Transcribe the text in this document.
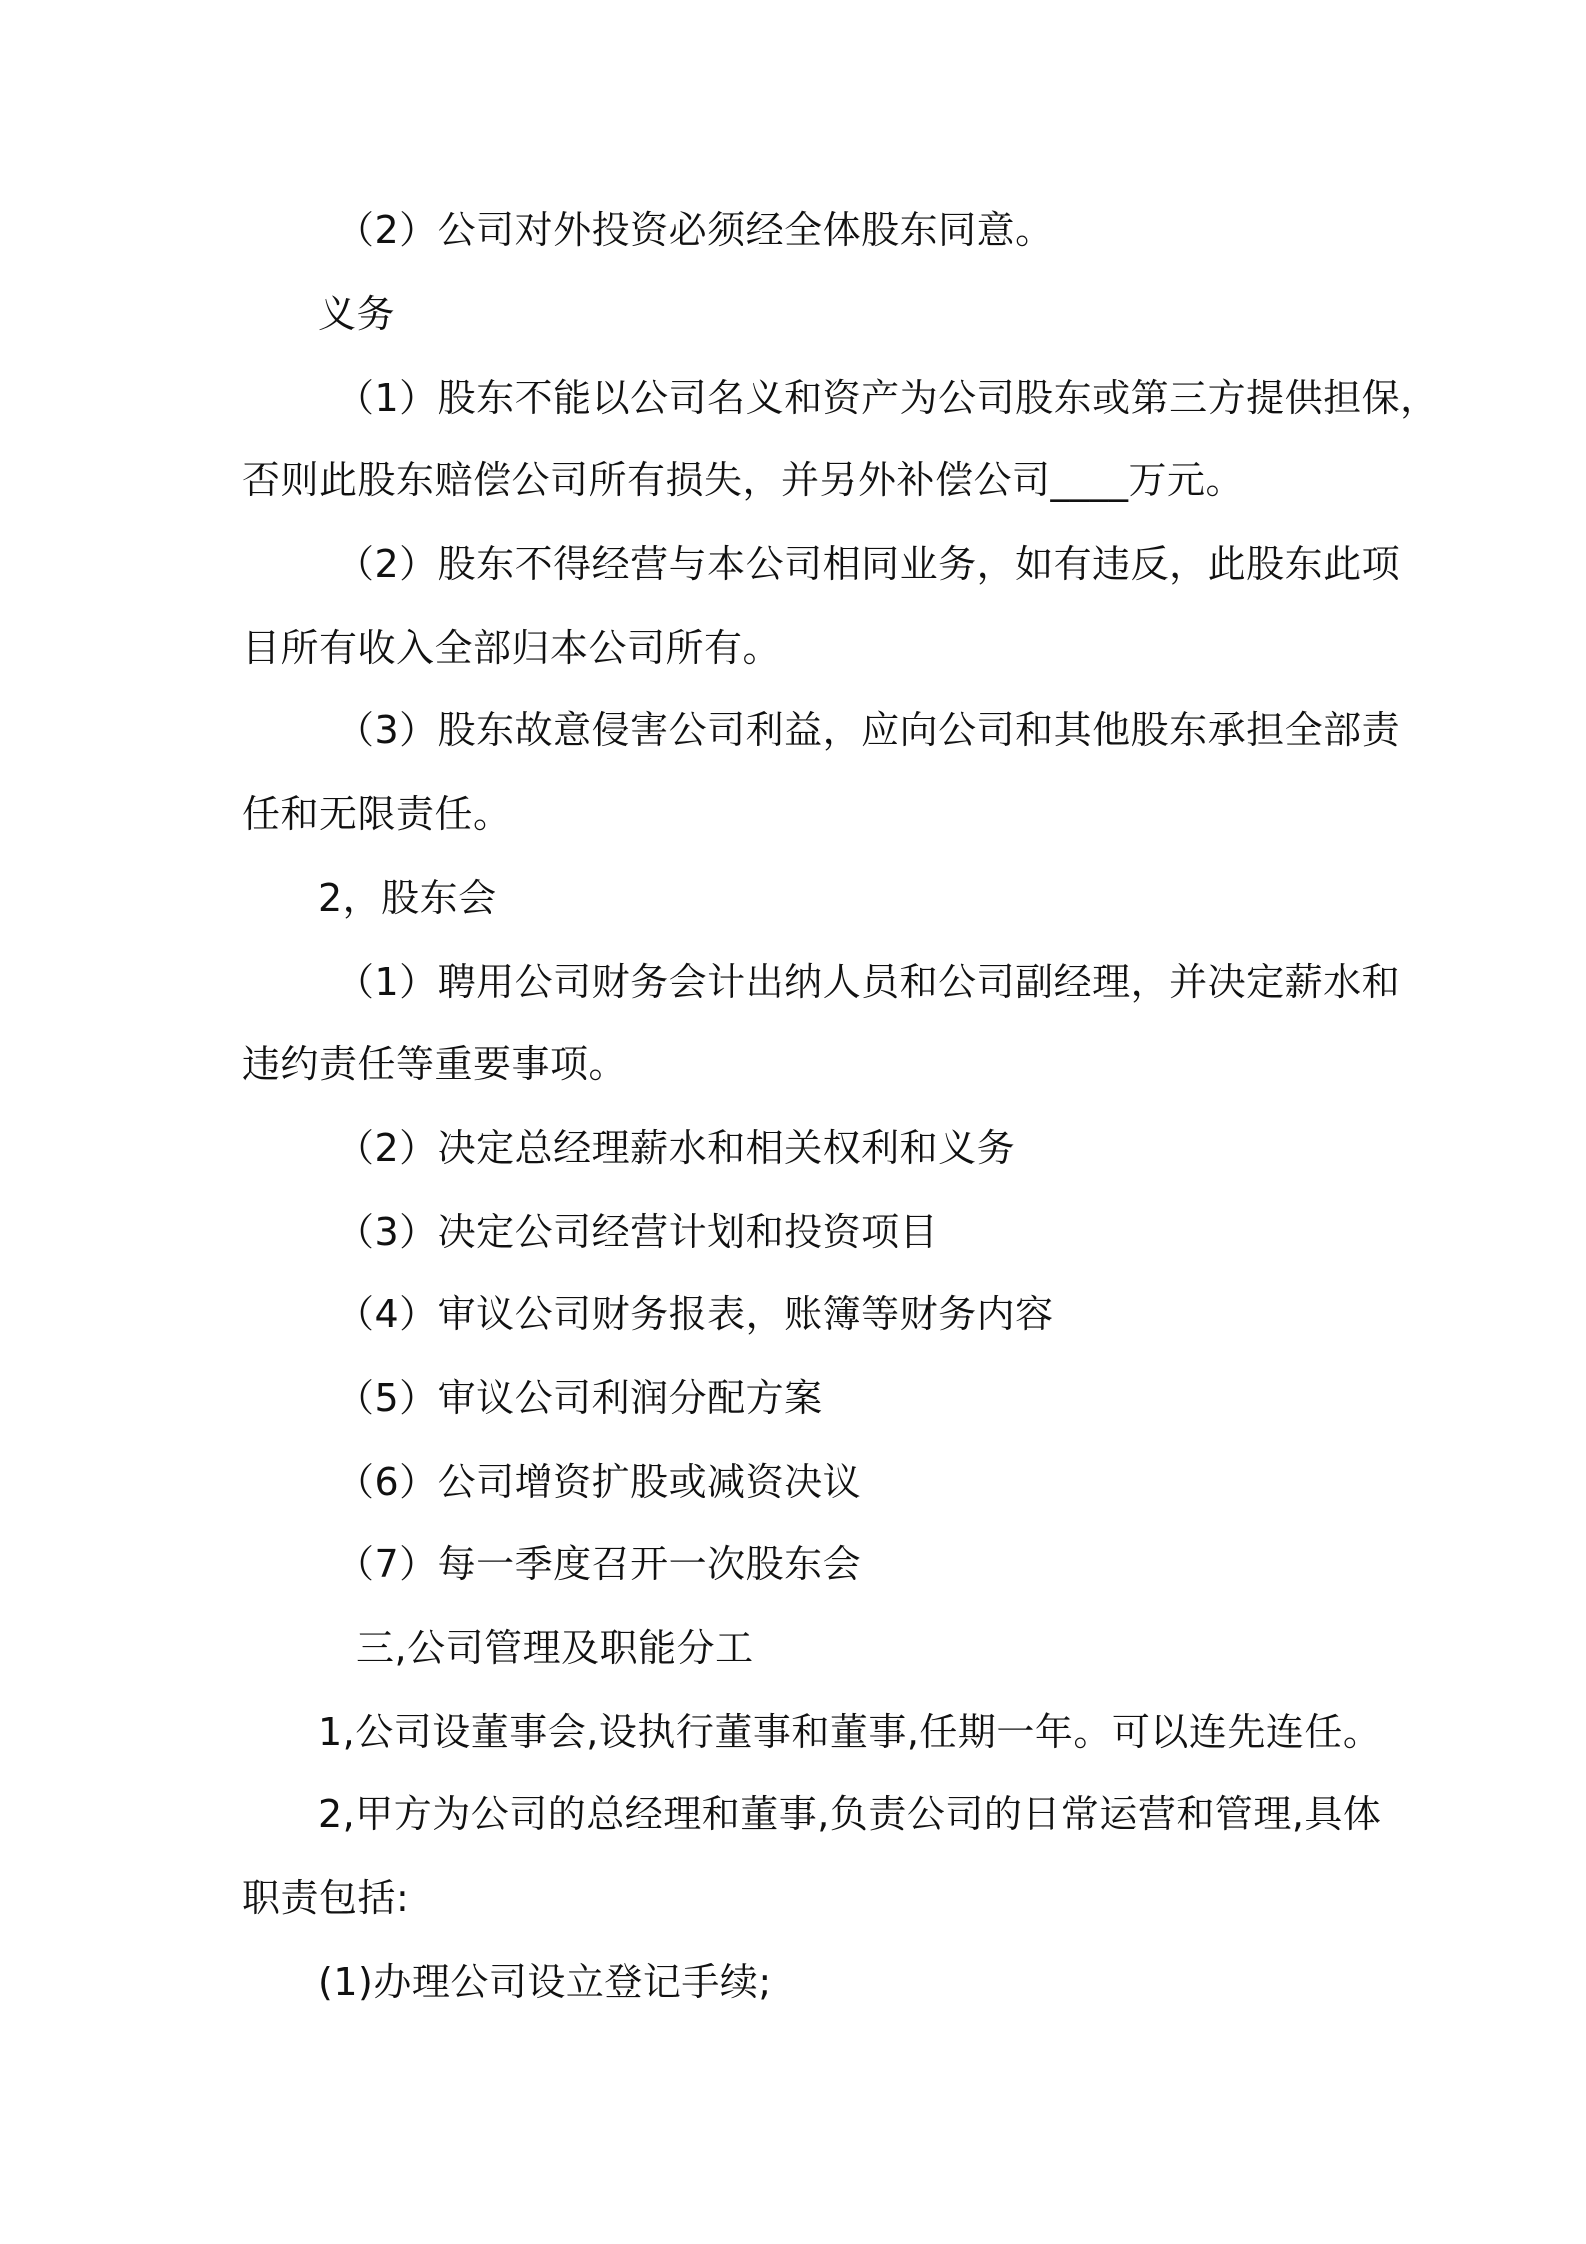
（2）公司对外投资必须经全体股东同意。
义务
（1）股东不能以公司名义和资产为公司股东或第三方提供担保，
否则此股东赔偿公司所有损失，并另外补偿公司____万元。
（2）股东不得经营与本公司相同业务，如有违反，此股东此项
目所有收入全部归本公司所有。
（3）股东故意侵害公司利益，应向公司和其他股东承担全部责
任和无限责任。
2，股东会
（1）聘用公司财务会计出纳人员和公司副经理，并决定薪水和
违约责任等重要事项。
（2）决定总经理薪水和相关权利和义务
（3）决定公司经营计划和投资项目
（4）审议公司财务报表，账簿等财务内容
（5）审议公司利润分配方案
（6）公司增资扩股或减资决议
（7）每一季度召开一次股东会
三,公司管理及职能分工
1,公司设董事会,设执行董事和董事,任期一年。可以连先连任。
2,甲方为公司的总经理和董事,负责公司的日常运营和管理,具体
职责包括:
(1)办理公司设立登记手续;
